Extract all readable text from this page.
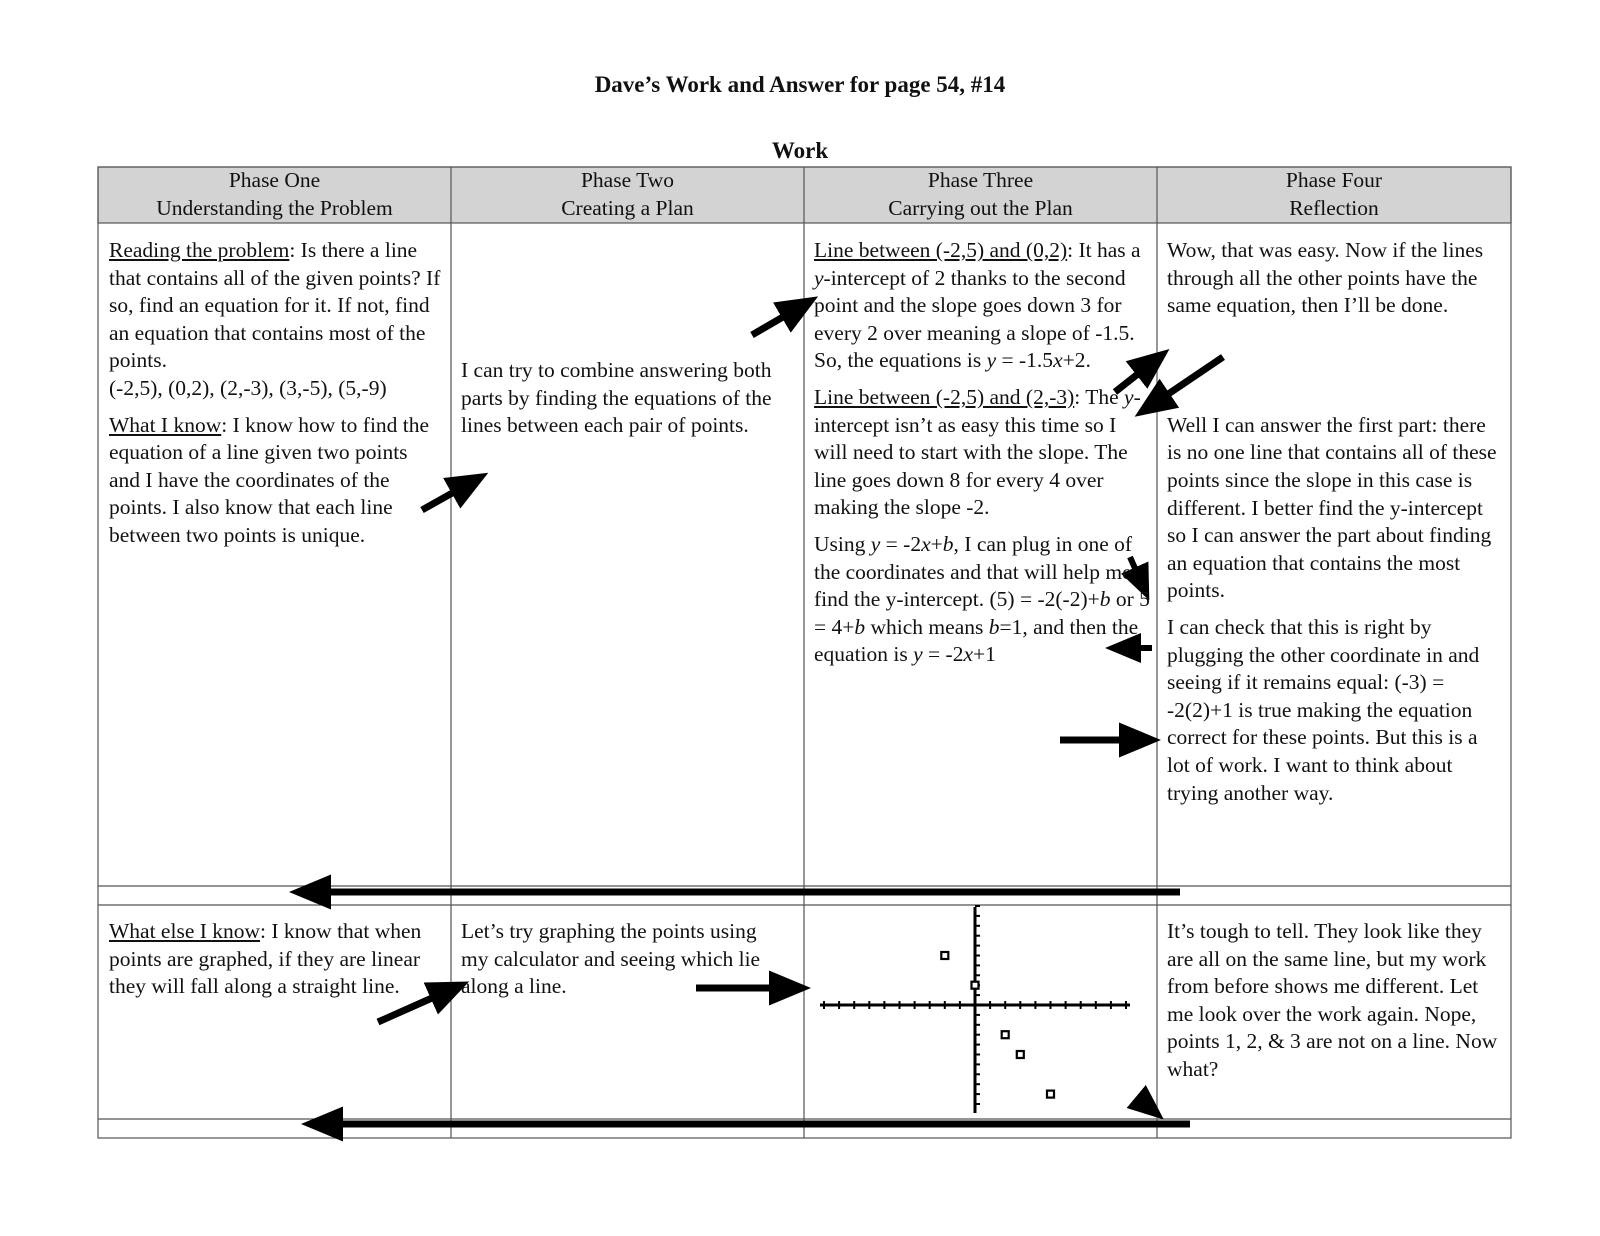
Dave’s Work and Answer for page 54, #14
Work
Phase One
Understanding the Problem
Phase Two
Creating a Plan
Phase Three
Carrying out the Plan
Phase Four
Reflection

Reading the problem: Is there a line that contains all of the given points? If so, find an equation for it. If not, find an equation that contains most of the points.
(-2,5), (0,2), (2,-3), (3,-5), (5,-9)

What I know: I know how to find the equation of a line given two points and I have the coordinates of the points. I also know that each line between two points is unique.

I can try to combine answering both parts by finding the equations of the lines between each pair of points.

Line between (-2,5) and (0,2): It has a y-intercept of 2 thanks to the second point and the slope goes down 3 for every 2 over meaning a slope of -1.5. So, the equations is y = -1.5x+2.

Line between (-2,5) and (2,-3): The y-intercept isn’t as easy this time so I will need to start with the slope. The line goes down 8 for every 4 over making the slope -2.

Using y = -2x+b, I can plug in one of the coordinates and that will help me find the y-intercept. (5) = -2(-2)+b or 5 = 4+b which means b=1, and then the equation is y = -2x+1

Wow, that was easy. Now if the lines through all the other points have the same equation, then I’ll be done.

Well I can answer the first part: there is no one line that contains all of these points since the slope in this case is different. I better find the y-intercept so I can answer the part about finding an equation that contains the most points.

I can check that this is right by plugging the other coordinate in and seeing if it remains equal: (-3) = -2(2)+1 is true making the equation correct for these points. But this is a lot of work. I want to think about trying another way.

What else I know: I know that when points are graphed, if they are linear they will fall along a straight line.

Let’s try graphing the points using my calculator and seeing which lie along a line.

It’s tough to tell. They look like they are all on the same line, but my work from before shows me different. Let me look over the work again. Nope, points 1, 2, & 3 are not on a line. Now what?
